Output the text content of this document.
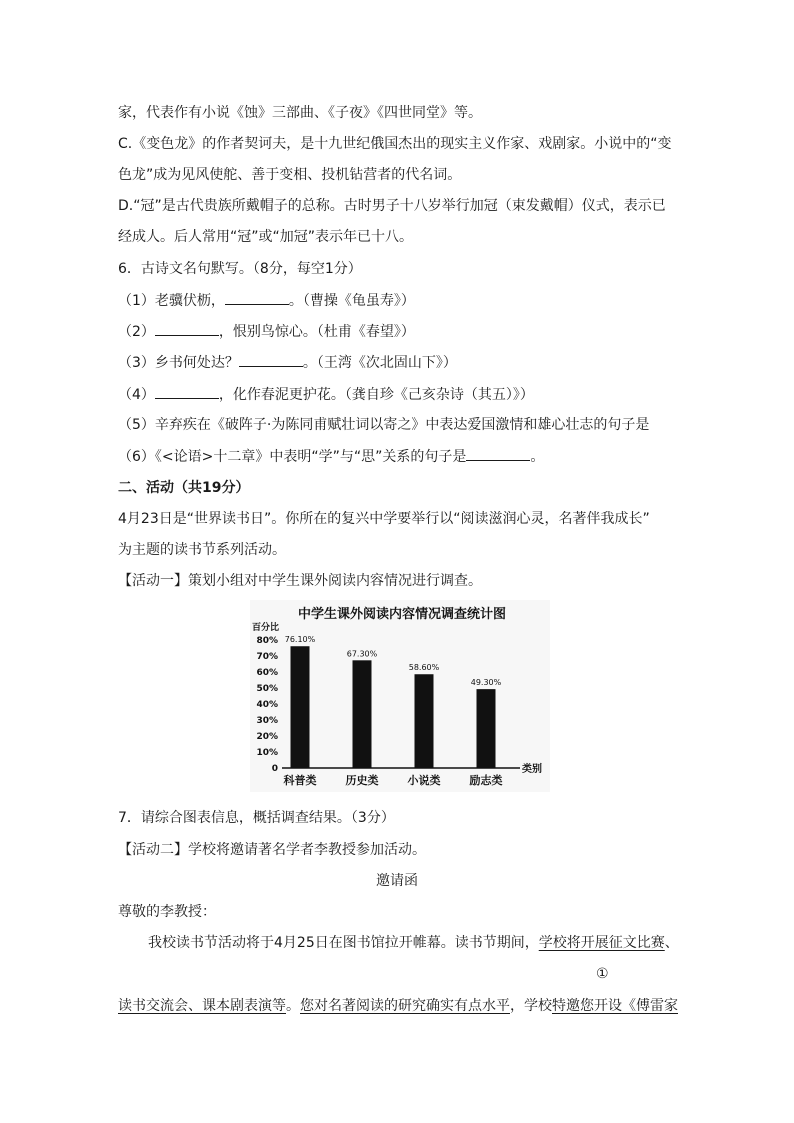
家，代表作有小说《蚀》三部曲、《子夜》《四世同堂》等。
C.《变色龙》的作者契诃夫，是十九世纪俄国杰出的现实主义作家、戏剧家。小说中的“变
色龙”成为见风使舵、善于变相、投机钻营者的代名词。
D.“冠”是古代贵族所戴帽子的总称。古时男子十八岁举行加冠（束发戴帽）仪式，表示已
经成人。后人常用“冠”或“加冠”表示年已十八。
6．古诗文名句默写。（8分，每空1分）
（1）老骥伏枥，	。（曹操《龟虽寿》）
（2）	，恨别鸟惊心。（杜甫《春望》）
（3）乡书何处达？	。（王湾《次北固山下》）
（4）	，化作春泥更护花。（龚自珍《己亥杂诗（其五）》）
（5）辛弃疾在《破阵子·为陈同甫赋壮词以寄之》中表达爱国激情和雄心壮志的句子是
（6）《<论语>十二章》中表明“学”与“思”关系的句子是	。
二、活动（共19分）
4月23日是“世界读书日”。你所在的复兴中学要举行以“阅读滋润心灵，名著伴我成长”
为主题的读书节系列活动。
【活动一】策划小组对中学生课外阅读内容情况进行调查。
中学生课外阅读内容情况调查统计图
百分比
类别
0
10%
20%
30%
40%
50%
60%
70%
80% 76.10%
科普类
67.30%
历史类
58.60%
小说类
49.30%
励志类
7．请综合图表信息，概括调查结果。（3分）
【活动二】学校将邀请著名学者李教授参加活动。
邀请函
尊敬的李教授：
我校读书节活动将于4月25日在图书馆拉开帷幕。读书节期间，学校将开展征文比赛、
①
读书交流会、课本剧表演等。您对名著阅读的研究确实有点水平，学校特邀您开设《傅雷家
